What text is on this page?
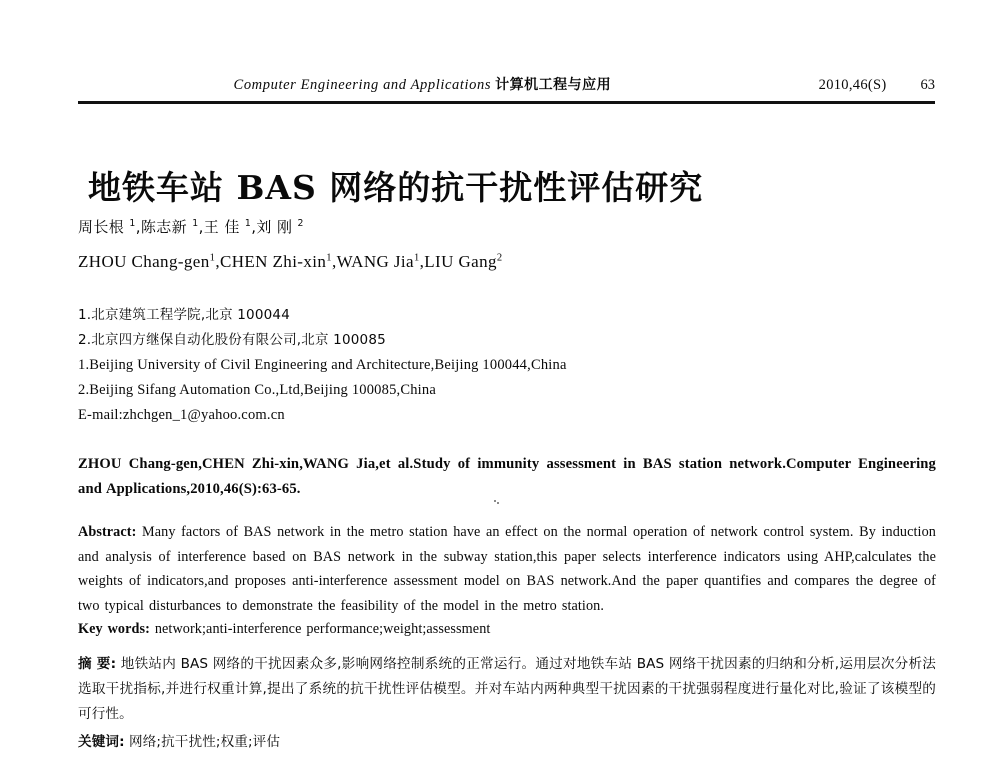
Computer Engineering and Applications 计算机工程与应用	2010,46(S) 63
地铁车站 BAS 网络的抗干扰性评估研究
周长根 $^1$,陈志新 $^1$,王 佳 $^1$,刘 刚 $^2$
ZHOU Chang-gen$^1$,CHEN Zhi-xin$^1$,WANG Jia$^1$,LIU Gang$^2$
1.北京建筑工程学院,北京 100044
2.北京四方继保自动化股份有限公司,北京 100085
1.Beijing University of Civil Engineering and Architecture,Beijing 100044,China
2.Beijing Sifang Automation Co.,Ltd,Beijing 100085,China
E-mail:zhchgen_1@yahoo.com.cn
ZHOU Chang-gen,CHEN Zhi-xin,WANG Jia,et al.Study of immunity assessment in BAS station network.Computer Engineering and Applications,2010,46(S):63-65.
Abstract: Many factors of BAS network in the metro station have an effect on the normal operation of network control system. By induction and analysis of interference based on BAS network in the subway station,this paper selects interference indicators using AHP,calculates the weights of indicators,and proposes anti-interference assessment model on BAS network.And the paper quantifies and compares the degree of two typical disturbances to demonstrate the feasibility of the model in the metro station.
Key words: network;anti-interference performance;weight;assessment
摘 要: 地铁站内 BAS 网络的干扰因素众多,影响网络控制系统的正常运行。通过对地铁车站 BAS 网络干扰因素的归纳和分析,运用层次分析法选取干扰指标,并进行权重计算,提出了系统的抗干扰性评估模型。并对车站内两种典型干扰因素的干扰强弱程度进行量化对比,验证了该模型的可行性。
关键词: 网络;抗干扰性;权重;评估
